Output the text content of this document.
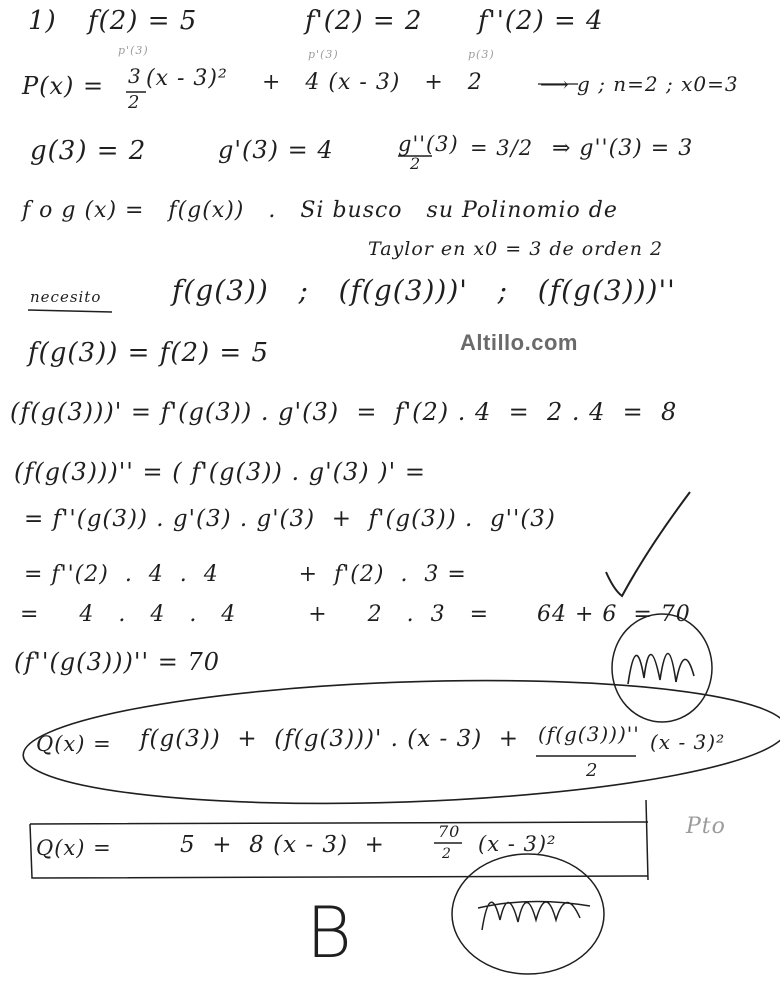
1) f(2) = 5	f'(2) = 2 f''(2) = 4
p'(3)	p'(3)	p(3)
P(x) = 3
2
(x - 3)² +   4 (x - 3)   +   2	⟶ g ; n=2 ; x0=3
g(3) = 2	g'(3) = 4	g''(3)
2
= 3/2 ⇒ g''(3) = 3
f o g (x) =   f(g(x))   .   Si busco   su Polinomio de
Taylor en x0 = 3 de orden 2
necesito	f(g(3))   ;   (f(g(3)))'   ;   (f(g(3)))''
Altillo.com
f(g(3)) = f(2) = 5
(f(g(3)))' = f'(g(3)) . g'(3)  =  f'(2) . 4  =  2 . 4  =  8
(f(g(3)))'' = ( f'(g(3)) . g'(3) )' =
= f''(g(3)) . g'(3) . g'(3)  +  f'(g(3)) .  g''(3)
= f''(2)  .  4  .  4          +  f'(2)  .  3 =
=     4   .   4   .   4         +     2   .  3   =      64 + 6  = 70
(f''(g(3)))'' = 70
Q(x) = f(g(3))  +  (f(g(3)))' . (x - 3)  + (f(g(3)))''
2
(x - 3)²
Q(x) =	5  +  8 (x - 3)  +
70
2 (x - 3)²
Pto
B
